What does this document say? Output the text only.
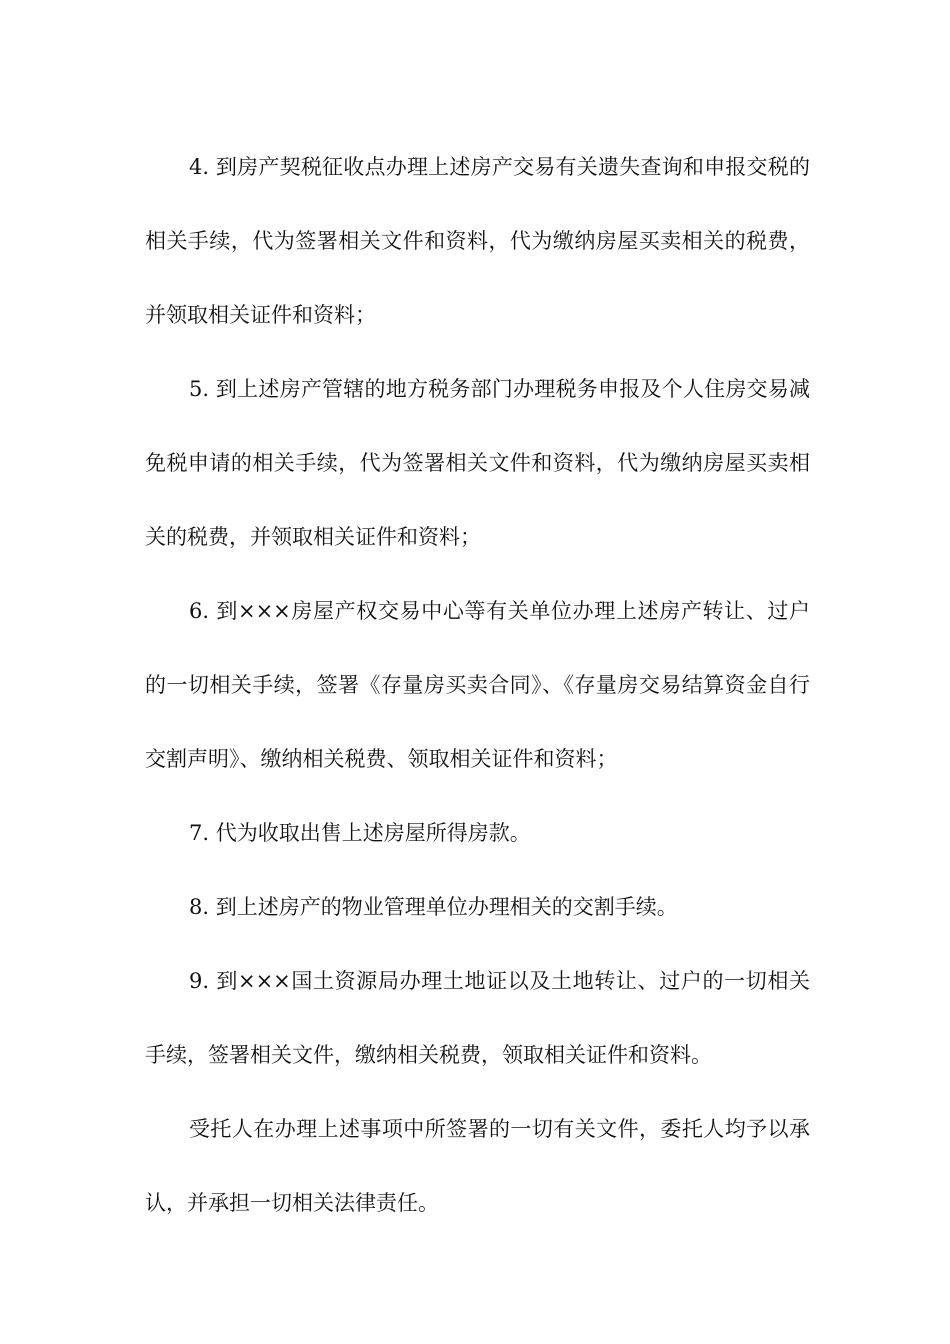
4. 到房产契税征收点办理上述房产交易有关遗失查询和申报交税的相关手续，代为签署相关文件和资料，代为缴纳房屋买卖相关的税费，并领取相关证件和资料；

5. 到上述房产管辖的地方税务部门办理税务申报及个人住房交易减免税申请的相关手续，代为签署相关文件和资料，代为缴纳房屋买卖相关的税费，并领取相关证件和资料；

6. 到×××房屋产权交易中心等有关单位办理上述房产转让、过户的一切相关手续，签署《存量房买卖合同》、《存量房交易结算资金自行交割声明》、缴纳相关税费、领取相关证件和资料；

7. 代为收取出售上述房屋所得房款。

8. 到上述房产的物业管理单位办理相关的交割手续。

9. 到×××国土资源局办理土地证以及土地转让、过户的一切相关手续，签署相关文件，缴纳相关税费，领取相关证件和资料。

受托人在办理上述事项中所签署的一切有关文件，委托人均予以承认，并承担一切相关法律责任。
